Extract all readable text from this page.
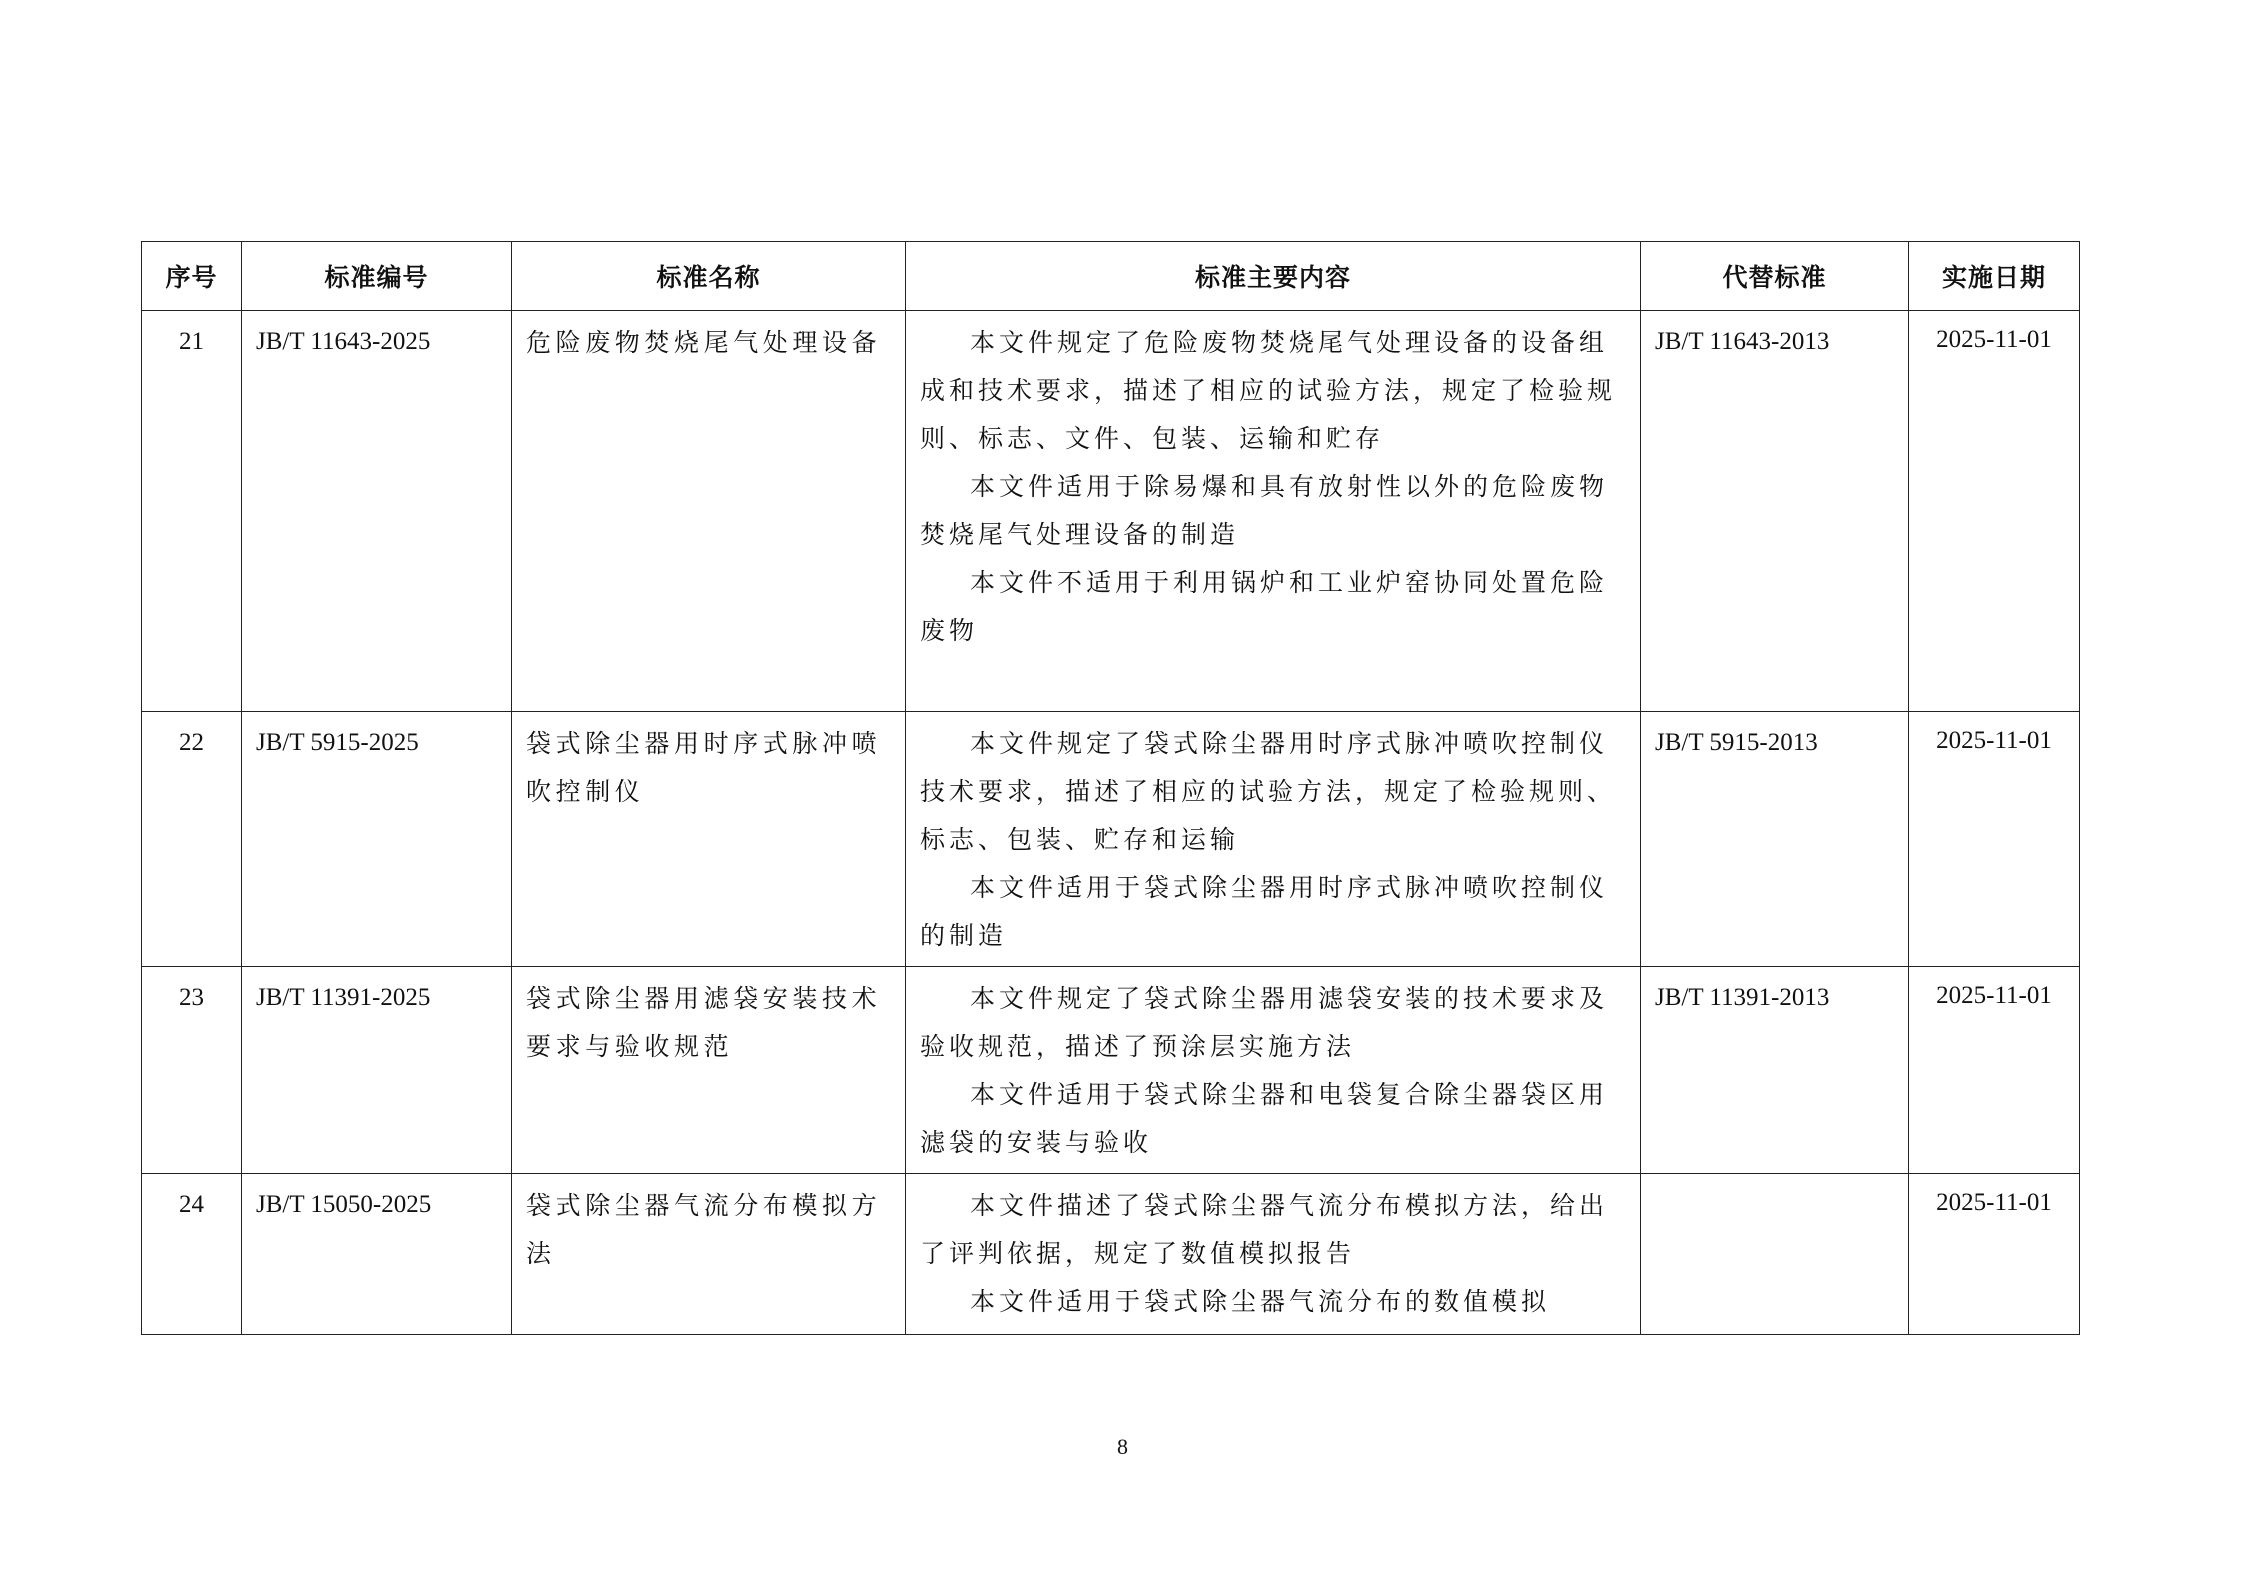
序号	标准编号	标准名称	标准主要内容	代替标准	实施日期
21	JB/T 11643-2025	危险废物焚烧尾气处理设备	本文件规定了危险废物焚烧尾气处理设备的设备组成和技术要求，描述了相应的试验方法，规定了检验规则、标志、文件、包装、运输和贮存

本文件适用于除易爆和具有放射性以外的危险废物焚烧尾气处理设备的制造

本文件不适用于利用锅炉和工业炉窑协同处置危险废物	JB/T 11643-2013	2025-11-01
22	JB/T 5915-2025	袋式除尘器用时序式脉冲喷吹控制仪	本文件规定了袋式除尘器用时序式脉冲喷吹控制仪技术要求，描述了相应的试验方法，规定了检验规则、标志、包装、贮存和运输

本文件适用于袋式除尘器用时序式脉冲喷吹控制仪的制造	JB/T 5915-2013	2025-11-01
23	JB/T 11391-2025	袋式除尘器用滤袋安装技术要求与验收规范	本文件规定了袋式除尘器用滤袋安装的技术要求及验收规范，描述了预涂层实施方法

本文件适用于袋式除尘器和电袋复合除尘器袋区用滤袋的安装与验收	JB/T 11391-2013	2025-11-01
24	JB/T 15050-2025	袋式除尘器气流分布模拟方法	本文件描述了袋式除尘器气流分布模拟方法，给出了评判依据，规定了数值模拟报告

本文件适用于袋式除尘器气流分布的数值模拟		2025-11-01
8
